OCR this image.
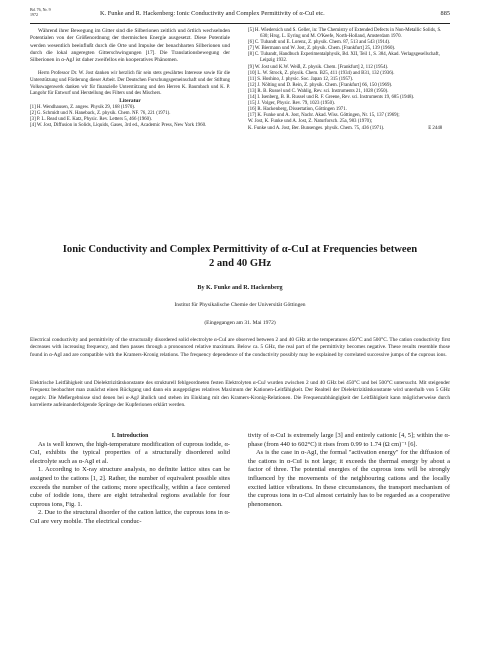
Bd. 76, Nr. 9
1972	K. Funke and R. Hackenberg: Ionic Conductivity and Complex Permittivity of α-CuI etc.	885

Während ihrer Bewegung im Gitter sind die Silberionen zeitlich und örtlich wechselnden Potentialen von der Größenordnung der thermischen Energie ausgesetzt. Diese Potentiale werden wesentlich beeinflußt durch die Orte und Impulse der benachbarten Silberionen und durch die lokal angeregten Gitterschwingungen [17]. Die Translationsbewegung der Silberionen in α-AgJ ist daher zweifellos ein kooperatives Phänomen.

Herrn Professor Dr. W. Jost danken wir herzlich für sein stets gewährtes Interesse sowie für die Unterstützung und Förderung dieser Arbeit. Der Deutschen Forschungsgemeinschaft und der Stiftung Volkswagenwerk danken wir für finanzielle Unterstützung und den Herren K. Baumbach und K. P. Langohr für Entwurf und Herstellung des Filters und des Mischers.

Literatur

[1] H. Wendhausen, Z. angew. Physik 29, 168 (1970).

[2] G. Schmidt und N. Haneback, Z. physik. Chem. NF. 76, 221 (1971).

[3] P. L. Read und E. Katz, Physic. Rev. Letters 5, 466 (1960).

[4] W. Jost, Diffusion in Solids, Liquids, Gases, 3rd ed., Academic Press, New York 1960.

[5] H. Wiedersich und S. Geller, in: The Chemistry of Extended Defects in Non-Metallic Solids, S. 630; Hrsg. L. Eyring und M. O'Keefe, North-Holland, Amsterdam 1970.

[6] C. Tubandt und E. Lorenz, Z. physik. Chem. 87, 513 and 543 (1914).

[7] W. Biermann und W. Jost, Z. physik. Chem. [Frankfurt] 25, 139 (1960).

[8] C. Tubandt, Handbuch Experimentalphysik, Bd. XII, Teil 1, S. 384, Akad. Verlagsgesellschaft, Leipzig 1932.

[9] W. Jost und K.W. Weiß, Z. physik. Chem. [Frankfurt] 2, 112 (1954).

[10] L. W. Strock, Z. physik. Chem. B25, 411 (1934) and B31, 132 (1936).

[11] S. Hoshino, J. physic. Soc. Japan 12, 315 (1957).

[12] J. Nölting und D. Rein, Z. physik. Chem. [Frankfurt] 66, 150 (1969).

[13] R. B. Russel und C. Wahlig, Rev. sci. Instruments 21, 1028 (1950).

[14] I. Isenberg, B. R. Russel und R. F. Greene, Rev. sci. Instruments 19, 685 (1948).

[15] J. Volger, Physic. Rev. 79, 1023 (1950).

[16] R. Hackenberg, Dissertation, Göttingen 1971.

[17] K. Funke und A. Jost, Nachr. Akad. Wiss. Göttingen, Nr. 15, 137 (1969);

W. Jost, K. Funke und A. Jost, Z. Naturforsch. 25a, 983 (1970);

K. Funke und A. Jost, Ber. Bunsenges. physik. Chem. 75, 436 (1971).	E 2448
Ionic Conductivity and Complex Permittivity of α-CuI at Frequencies between
2 and 40 GHz
By K. Funke and R. Hackenberg
Institut für Physikalische Chemie der Universität Göttingen
(Eingegangen am 31. Mai 1972)
Electrical conductivity and permittivity of the structurally disordered solid electrolyte α-CuI are observed between 2 and 40 GHz at the temperatures 450°C and 500°C. The cation conductivity first decreases with increasing frequency, and then passes through a pronounced relative maximum. Below ca. 5 GHz, the real part of the permittivity becomes negative. These results resemble those found in α-AgI and are compatible with the Kramers-Kronig relations. The frequency dependence of the conductivity possibly may be explained by correlated successive jumps of the cuprous ions.
Elektrische Leitfähigkeit und Dielektrizitätskonstante des strukturell fehlgeordneten festen Elektrolyten α-CuJ wurden zwischen 2 und 40 GHz bei 450°C und bei 500°C untersucht. Mit steigender Frequenz beobachtet man zunächst einen Rückgang und dann ein ausgeprägtes relatives Maximum der Kationen-Leitfähigkeit. Der Realteil der Dielektrizitätskonstante wird unterhalb von 5 GHz negativ. Die Meßergebnisse sind denen bei α-AgJ ähnlich und stehen im Einklang mit den Kramers-Kronig-Relationen. Die Frequenzabhängigkeit der Leitfähigkeit kann möglicherweise durch korrelierte aufeinanderfolgende Sprünge der Kupferionen erklärt werden.

I. Introduction

As is well known, the high-temperature modification of cuprous iodide, α-CuI, exhibits the typical properties of a structurally disordered solid electrolyte such as α-AgI et al.

1. According to X-ray structure analysis, no definite lattice sites can be assigned to the cations [1, 2]. Rather, the number of equivalent possible sites exceeds the number of the cations; more specifically, within a face centered cube of iodide ions, there are eight tetrahedral regions available for four cuprous ions, Fig. 1.

2. Due to the structural disorder of the cation lattice, the cuprous ions in α-CuI are very mobile. The electrical conduc-

tivity of α-CuI is extremely large [3] and entirely cationic [4, 5]; within the α-phase (from 440 to 602°C) it rises from 0.99 to 1.74 (Ω cm)⁻¹ [6].

As is the case in α-AgI, the formal "activation energy" for the diffusion of the cations in α-CuI is not large; it exceeds the thermal energy by about a factor of three. The potential energies of the cuprous ions will be strongly influenced by the movements of the neighbouring cations and the locally excited lattice vibrations. In these circumstances, the transport mechanism of the cuprous ions in α-CuI almost certainly has to be regarded as a cooperative phenomenon.
